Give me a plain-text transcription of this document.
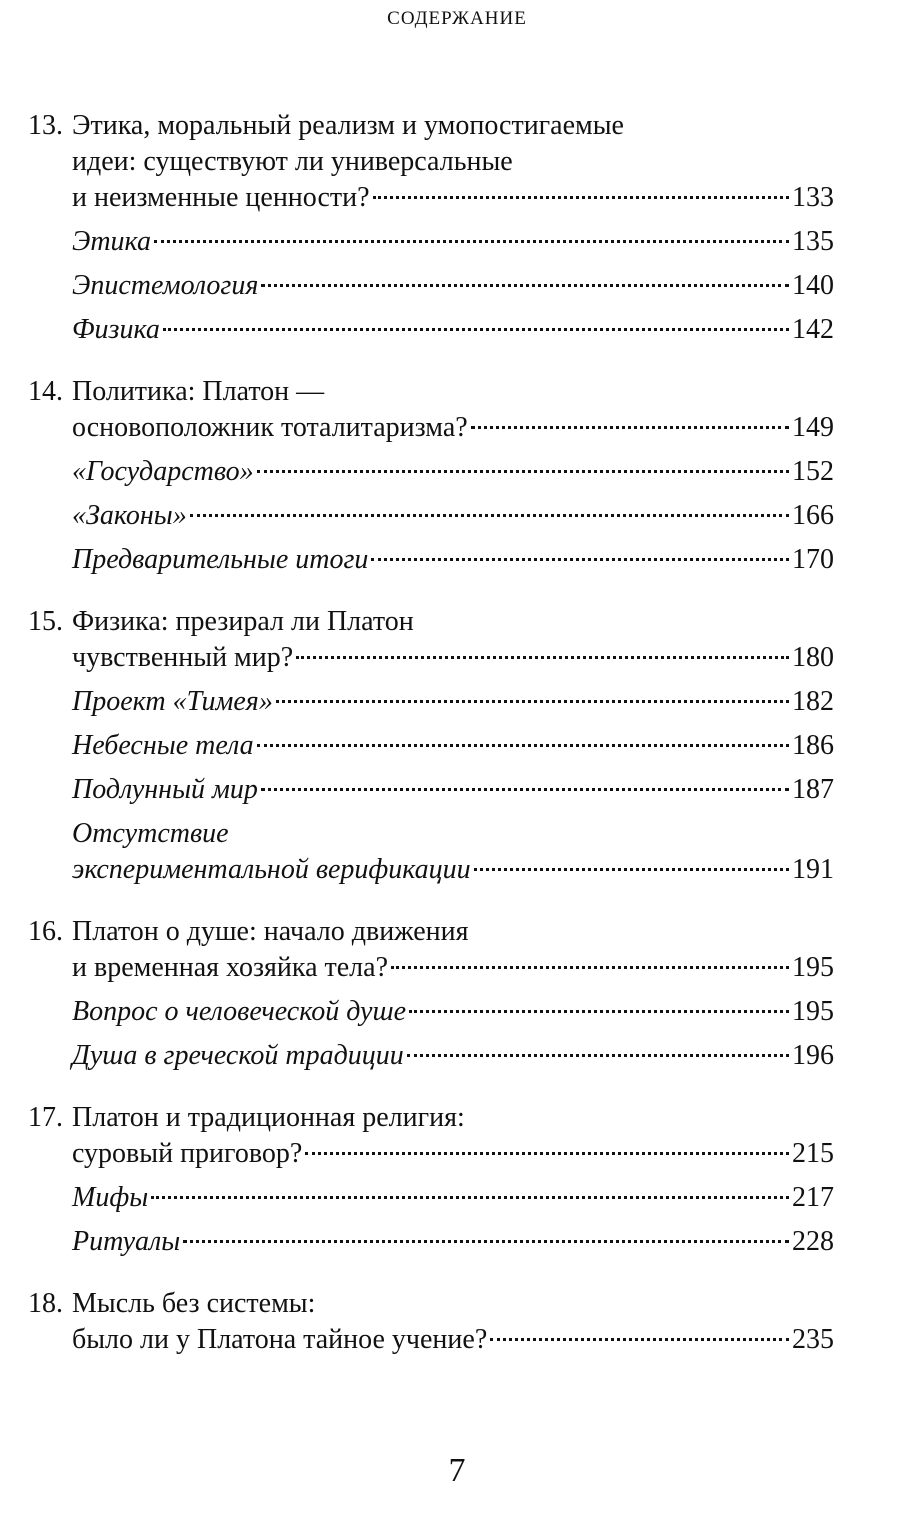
СОДЕРЖАНИЕ
13. Этика, моральный реализм и умопостигаемые
идеи: существуют ли универсальные
и неизменные ценности?	133
Этика	135
Эпистемология	140
Физика	142
14. Политика: Платон —
основоположник тоталитаризма?	149
«Государство»	152
«Законы»	166
Предварительные итоги	170
15. Физика: презирал ли Платон
чувственный мир?	180
Проект «Тимея»	182
Небесные тела	186
Подлунный мир	187
Отсутствие
экспериментальной верификации	191
16. Платон о душе: начало движения
и временная хозяйка тела?	195
Вопрос о человеческой душе	195
Душа в греческой традиции	196
17. Платон и традиционная религия:
суровый приговор?	215
Мифы	217
Ритуалы	228
18. Мысль без системы:
было ли у Платона тайное учение?	235
7
